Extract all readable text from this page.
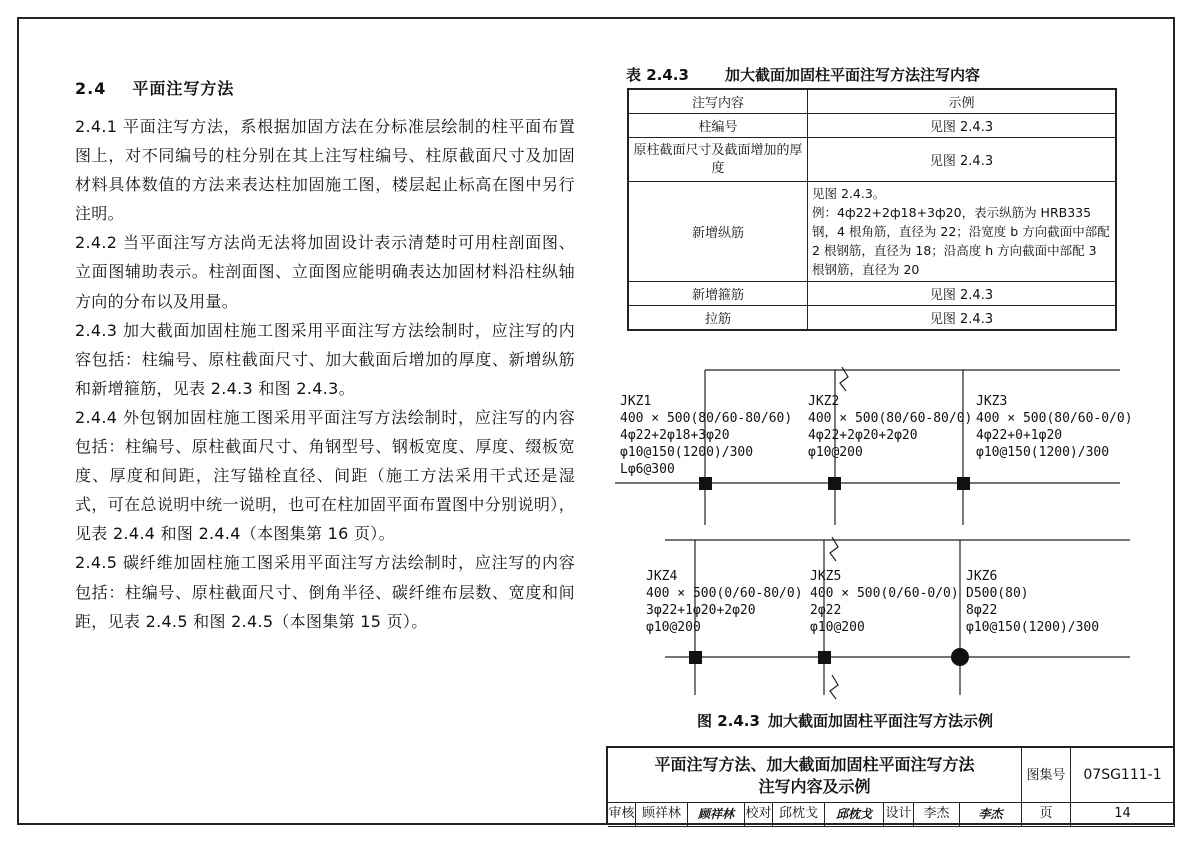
2.4 平面注写方法

2.4.1 平面注写方法，系根据加固方法在分标准层绘制的柱平面布置图上，对不同编号的柱分别在其上注写柱编号、柱原截面尺寸及加固材料具体数值的方法来表达柱加固施工图，楼层起止标高在图中另行注明。

2.4.2 当平面注写方法尚无法将加固设计表示清楚时可用柱剖面图、立面图辅助表示。柱剖面图、立面图应能明确表达加固材料沿柱纵轴方向的分布以及用量。

2.4.3 加大截面加固柱施工图采用平面注写方法绘制时，应注写的内容包括：柱编号、原柱截面尺寸、加大截面后增加的厚度、新增纵筋和新增箍筋，见表 2.4.3 和图 2.4.3。

2.4.4 外包钢加固柱施工图采用平面注写方法绘制时，应注写的内容包括：柱编号、原柱截面尺寸、角钢型号、钢板宽度、厚度、缀板宽度、厚度和间距，注写锚栓直径、间距（施工方法采用干式还是湿式，可在总说明中统一说明，也可在柱加固平面布置图中分别说明），见表 2.4.4 和图 2.4.4（本图集第 16 页）。

2.4.5 碳纤维加固柱施工图采用平面注写方法绘制时，应注写的内容包括：柱编号、原柱截面尺寸、倒角半径、碳纤维布层数、宽度和间距，见表 2.4.5 和图 2.4.5（本图集第 15 页）。

表 2.4.3 加大截面加固柱平面注写方法注写内容
注写内容	示例
柱编号	见图 2.4.3
原柱截面尺寸及截面增加的厚度	见图 2.4.3
新增纵筋	见图 2.4.3。
例：4ф22+2ф18+3ф20，表示纵筋为 HRB335 钢，4 根角筋，直径为 22；沿宽度 b 方向截面中部配 2 根钢筋，直径为 18；沿高度 h 方向截面中部配 3 根钢筋，直径为 20
新增箍筋	见图 2.4.3
拉筋	见图 2.4.3
JKZ1
400 × 500(80/60-80/60)
4φ22+2φ18+3φ20
φ10@150(1200)/300
Lφ6@300
JKZ2
400 × 500(80/60-80/0)
4φ22+2φ20+2φ20
φ10@200
JKZ3
400 × 500(80/60-0/0)
4φ22+0+1φ20
φ10@150(1200)/300
JKZ4
400 × 500(0/60-80/0)
3φ22+1φ20+2φ20
φ10@200
JKZ5
400 × 500(0/60-0/0)
2φ22
φ10@200
JKZ6
D500(80)
8φ22
φ10@150(1200)/300
图 2.4.3 加大截面加固柱平面注写方法示例
平面注写方法、加大截面加固柱平面注写方法
注写内容及示例
图集号	07SG111-1
审核 顾祥林	顾祥林 校对 邱枕戈	邱枕戈	设计 李杰	李杰	页	14
